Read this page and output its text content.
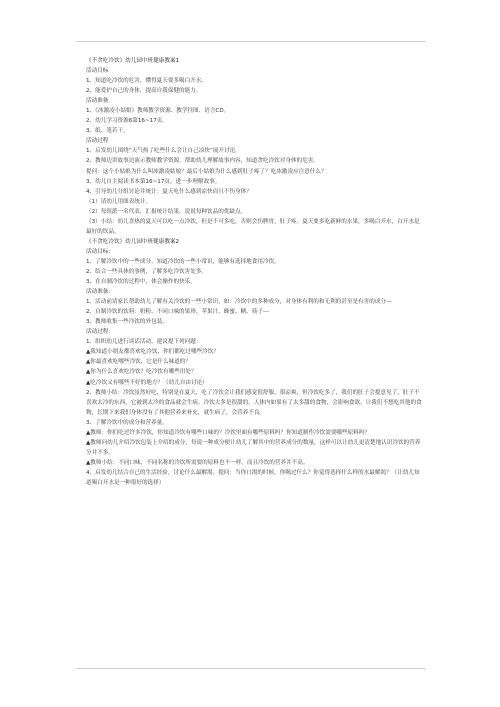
《不贪吃冷饮》幼儿园中班健康教案1
活动目标
1、知道吃冷饮的危害，懂得夏天要多喝白开水。
2、能爱护自己的身体，提高自我保健的能力。
活动准备
1、《冰激凌小姑娘》教师教学资源、教学挂图、语言CD。
2、幼儿学习资源6第16~17页。
3、纸、笔若干。
活动过程
1、启发幼儿围绕“天气热了吃些什么会让自己凉快”展开讨论。
2、教师边讲故事边演示教师教学资源，帮助幼儿理解故事内容，知道贪吃冷饮对身体的危害。
提问：这个小姑娘为什么叫冰激凌姑娘？最后小姑娘为什么感到肚子疼了？吃冰激凌应注意什么？
3、幼儿自主阅读书本第16~17页，进一步理解故事。
4、引导幼儿分组讨论并统计：夏天吃什么感到凉快而且不伤身体？
（1）请幼儿用图表统计。
（2）每组派一名代表，汇报统计结果，说说每种饮品的优缺点。
（3）小结：幼儿喜热的夏天可以吃一点冷饮，但是不可多吃，否则会伤脾胃，肚子疼。夏天要多吃新鲜的水果，多喝白开水，白开水是最好的饮品。
《不贪吃冷饮》幼儿园中班健康教案2
活动目标：
1、了解冷饮中的一些成分，知道冷饮的一些小常识，能够有选择地食用冷饮。
2、结合一些具体的事例，了解多吃冷饮害处多。
3、在自制冷饮的过程中，体会操作的快乐。
活动准备：
1、活动前请家长帮助幼儿了解有关冷饮的一些小常识，如：冷饮中的多种成分，对身体有利的和无利的甚至是有害的成分---
2、自制冷饮的饮料：奶粉、不同口味的果珍、苹果汁、蜂蜜、糖、筷子---
3、教师收集一些冷饮的外包装。
活动过程：
1、组织幼儿进行谈话活动，建议提下列问题：
▲我知道小朋友都喜欢吃冷饮，你们都吃过哪些冷饮？
▲你最喜欢吃哪些冷饮，它是什么味道的？
▲你为什么喜欢吃冷饮？吃冷饮有哪些用处？
▲吃冷饮又有哪些不好的地方？（幼儿自由讨论）
2、教师小结：冷饮虽然好吃，特别是在夏天，吃了冷饮会让我们感觉很舒服、很凉爽，但冷饮吃多了，我们的肚子会提意见了，肚子不喜欢太冷的东西，它被到太冷的食品就会生病。冷饮大多是很甜的，人体内如果有了太多甜的食物，会影响食欲，让我们不想吃其他的食物，长期下来我们身体没有了其他营养来补充，就生病了，会营养不良。
3、了解冷饮中的成分和营养量。
▲教师：你们吃过许多冷饮，你知道冷饮有哪些口味的？冷饮里面有哪些原料吗？你知道制作冷饮需要哪些原料吗？
▲教师问幼儿介绍冷饮包装上介绍的成分，每说一种成分便让幼儿了解其中的营养成分的数量，这样可以让幼儿更清楚地认识冷饮的营养分并不多。
▲教师小结：不同口味，不同名称的冷饮所需要的原料也不一样，而且冷饮的营养并不高。
4、启发幼儿结合自己的生活经验，讨论什么最解渴。提问：当你口渴的时候，你喝过什么？你觉得选择什么样的水最解渴？（让幼儿知道喝白开水是一种很好的选择）
